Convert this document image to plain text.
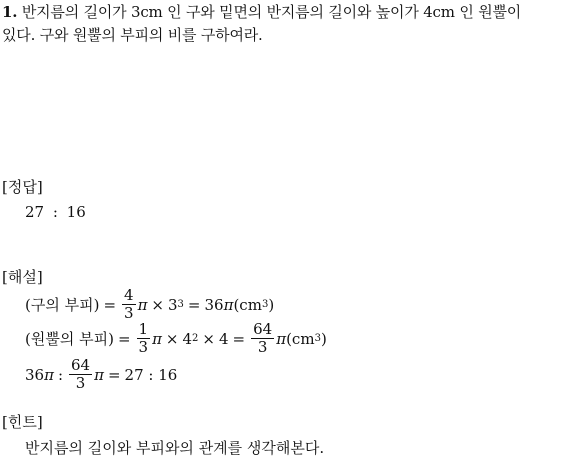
1. 반지름의 길이가 3cm 인 구와 밑면의 반지름의 길이와 높이가 4cm 인 원뿔이
있다. 구와 원뿔의 부피의 비를 구하여라.
[정답]
27 : 16
[해설]
(구의 부피) = $\frac{4}{3}$ π × 3 3 = 36 π (cm 3 )
(원뿔의 부피) = $\frac{1}{3}$ π × 4 $2 \times 4 = \frac{64}{3}$ π (cm 3 )
36 π : $\frac{64}{3}$ π = 27 : 16
[힌트]
반지름의 길이와 부피와의 관계를 생각해본다.
